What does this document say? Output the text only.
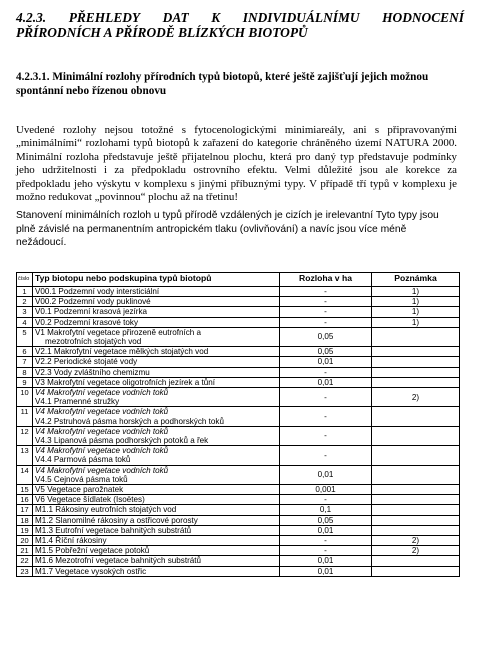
4.2.3. PŘEHLEDY DAT K INDIVIDUÁLNÍMU HODNOCENÍ
PŘÍRODNÍCH A PŘÍRODĚ BLÍZKÝCH BIOTOPŮ
4.2.3.1. Minimální rozlohy přírodních typů biotopů, které ještě zajišťují jejich možnou spontánní nebo řízenou obnovu
Uvedené rozlohy nejsou totožné s fytocenologickými minimiareály, ani s připravovanými „minimálními“ rozlohami typů biotopů k zařazení do kategorie chráněného území NATURA 2000. Minimální rozloha představuje ještě přijatelnou plochu, která pro daný typ představuje podmínky jeho udržitelnosti i za předpokladu ostrovního efektu. Velmi důležité jsou ale korekce za předpokladu jeho výskytu v komplexu s jinými příbuznými typy. V případě tří typů v komplexu je možno redukovat „povinnou“ plochu až na třetinu!
Stanovení minimálních rozloh u typů přírodě vzdálených je cizích je irelevantní Tyto typy jsou plně závislé na permanentním antropickém tlaku (ovlivňování) a navíc jsou více méně nežádoucí.
číslo	Typ biotopu nebo podskupina typů biotopů	Rozloha v ha	Poznámka
1	V00.1 Podzemní vody intersticiální	-	1)
2	V00.2 Podzemní vody puklinové	-	1)
3	V0.1 Podzemní krasová jezírka	-	1)
4	V0.2 Podzemní krasové toky	-	1)
5	V1 Makrofytní vegetace přirozeně eutrofních a
mezotrofních stojatých vod	0,05	
6	V2.1 Makrofytní vegetace mělkých stojatých vod	0,05	
7	V2.2 Periodické stojaté vody	0,01	
8	V2.3 Vody zvláštního chemizmu	-	
9	V3 Makrofytní vegetace oligotrofních jezírek a tůní	0,01	
10	V4 Makrofytní vegetace vodních toků
V4.1 Pramenné stružky	-	2)
11	V4 Makrofytní vegetace vodních toků
V4.2 Pstruhová pásma horských a podhorských toků	-	
12	V4 Makrofytní vegetace vodních toků
V4.3 Lipanová pásma podhorských potoků a řek	-	
13	V4 Makrofytní vegetace vodních toků
V4.4 Parmová pásma toků	-	
14	V4 Makrofytní vegetace vodních toků
V4.5 Cejnová pásma toků	0,01	
15	V5 Vegetace parožnatek	0,001	
16	V6 Vegetace šídlatek (Isoëtes)	-	
17	M1.1 Rákosiny eutrofních stojatých vod	0,1	
18	M1.2 Slanomilné rákosiny a ostřicové porosty	0,05	
19	M1.3 Eutrofní vegetace bahnitých substrátů	0,01	
20	M1.4 Říční rákosiny	-	2)
21	M1.5 Pobřežní vegetace potoků	-	2)
22	M1.6 Mezotrofní vegetace bahnitých substrátů	0,01	
23	M1.7 Vegetace vysokých ostřic	0,01	
